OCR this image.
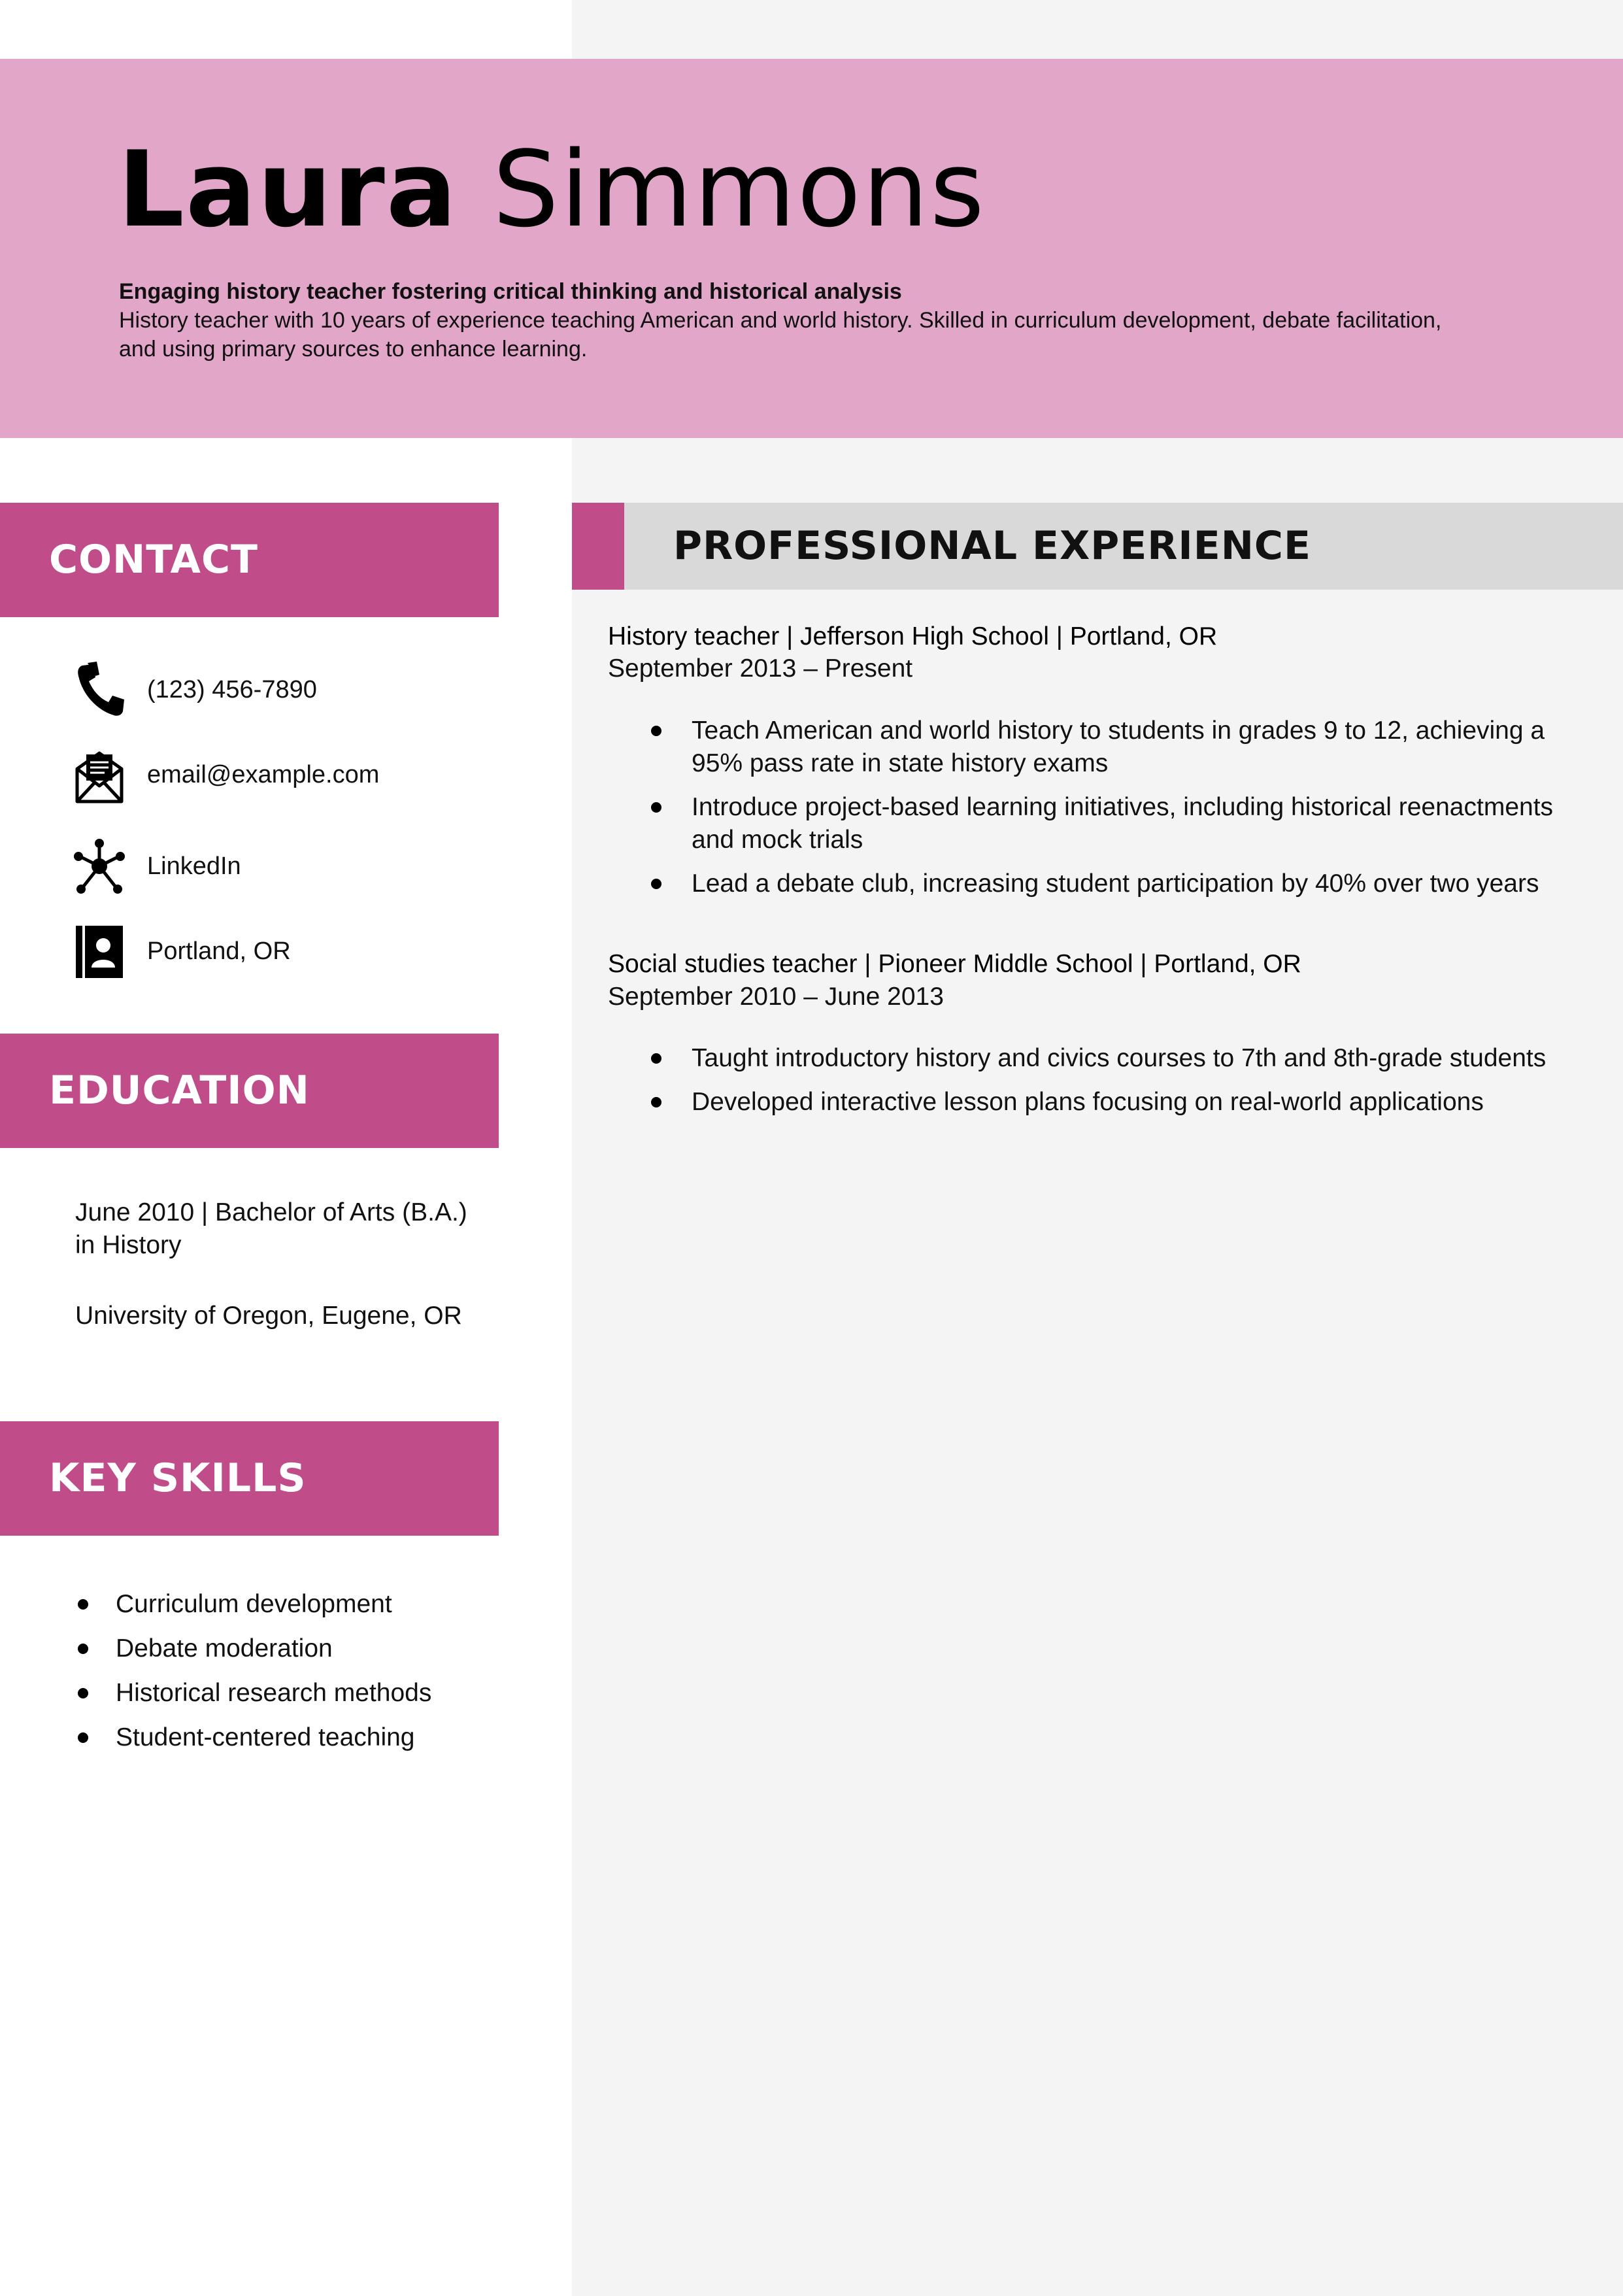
Laura Simmons
Engaging history teacher fostering critical thinking and historical analysis
History teacher with 10 years of experience teaching American and world history. Skilled in curriculum development, debate facilitation, and using primary sources to enhance learning.
CONTACT
(123) 456-7890
email@example.com
LinkedIn
Portland, OR
EDUCATION
June 2010 | Bachelor of Arts (B.A.) in History
University of Oregon, Eugene, OR
KEY SKILLS
Curriculum development
Debate moderation
Historical research methods
Student-centered teaching
PROFESSIONAL EXPERIENCE
History teacher | Jefferson High School | Portland, OR
September 2013 – Present
Teach American and world history to students in grades 9 to 12, achieving a 95% pass rate in state history exams
Introduce project-based learning initiatives, including historical reenactments and mock trials
Lead a debate club, increasing student participation by 40% over two years
Social studies teacher | Pioneer Middle School | Portland, OR
September 2010 – June 2013
Taught introductory history and civics courses to 7th and 8th-grade students
Developed interactive lesson plans focusing on real-world applications
